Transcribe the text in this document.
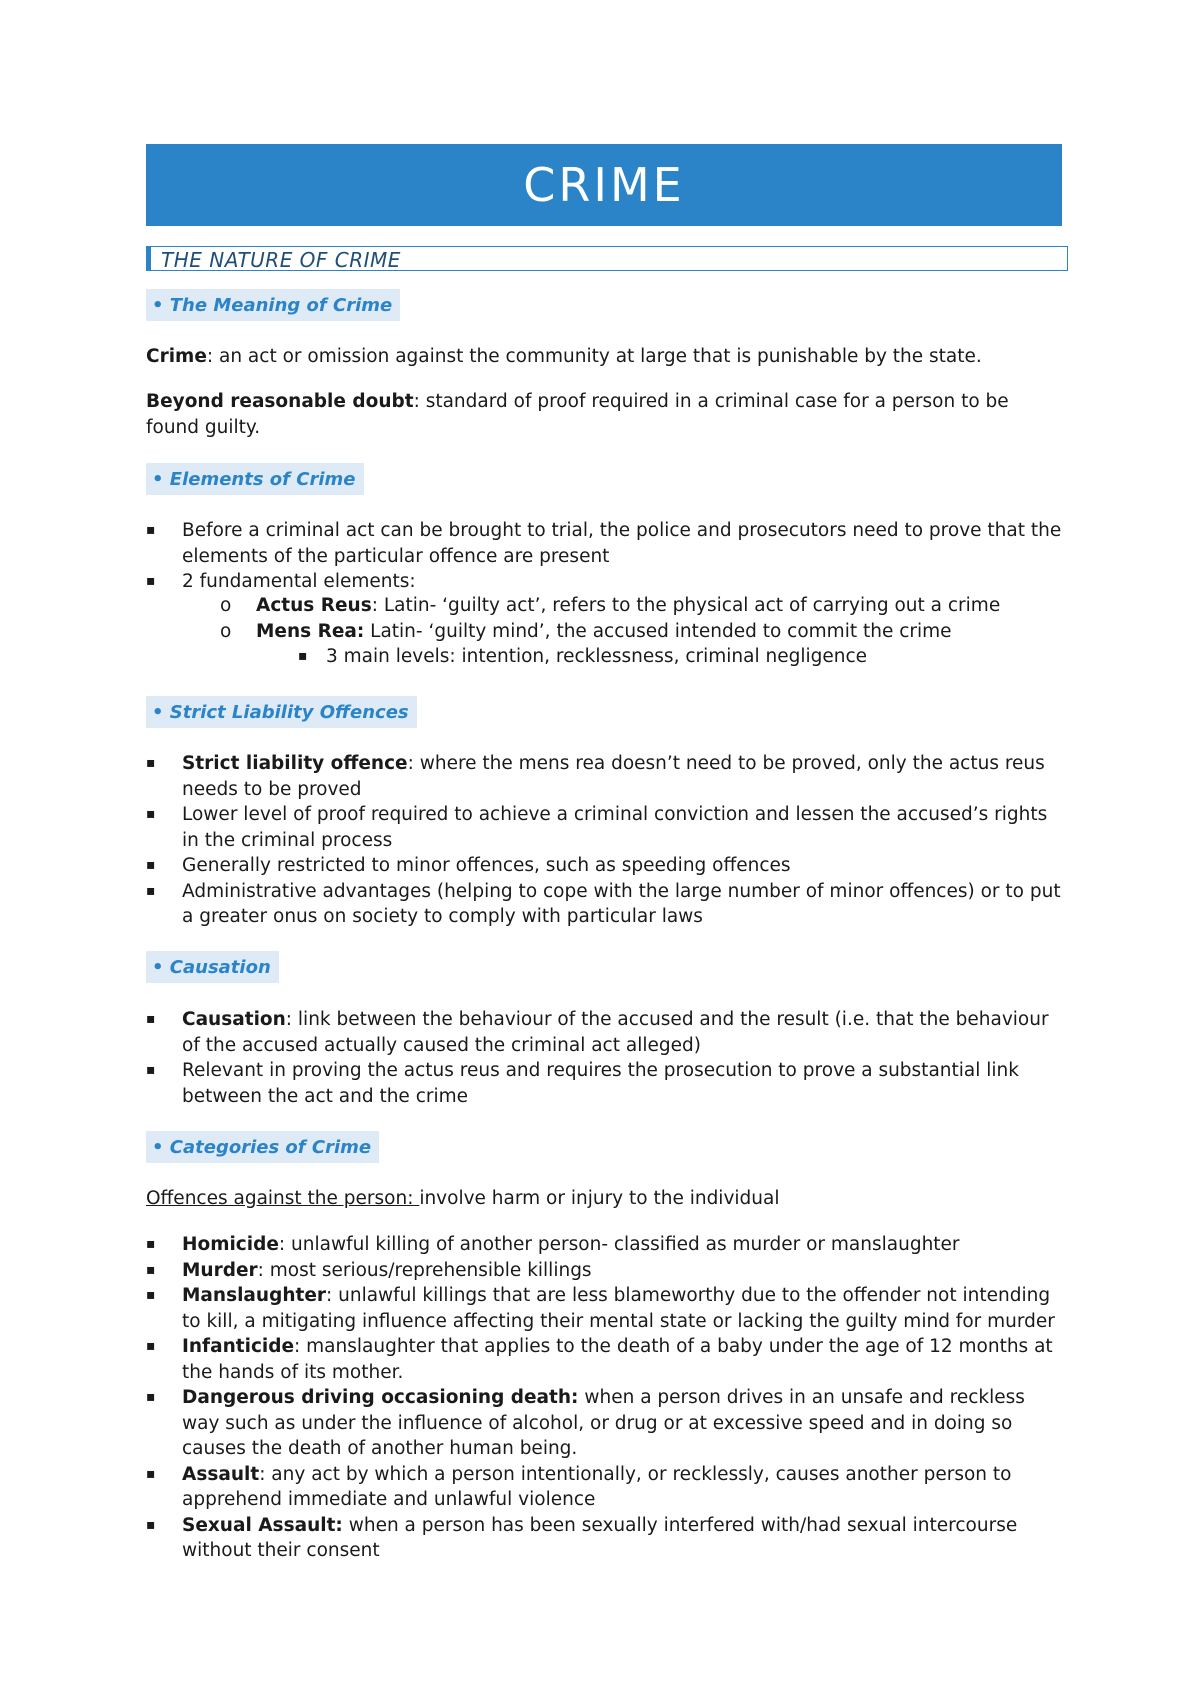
CRIME
THE NATURE OF CRIME
• The Meaning of Crime
Crime: an act or omission against the community at large that is punishable by the state.
Beyond reasonable doubt: standard of proof required in a criminal case for a person to be found guilty.
• Elements of Crime
▪ Before a criminal act can be brought to trial, the police and prosecutors need to prove that the elements of the particular offence are present
▪ 2 fundamental elements:
o Actus Reus: Latin- ‘guilty act’, refers to the physical act of carrying out a crime
o Mens Rea: Latin- ‘guilty mind’, the accused intended to commit the crime
▪ 3 main levels: intention, recklessness, criminal negligence
• Strict Liability Offences
▪ Strict liability offence: where the mens rea doesn’t need to be proved, only the actus reus needs to be proved
▪ Lower level of proof required to achieve a criminal conviction and lessen the accused’s rights in the criminal process
▪ Generally restricted to minor offences, such as speeding offences
▪ Administrative advantages (helping to cope with the large number of minor offences) or to put a greater onus on society to comply with particular laws
• Causation
▪ Causation: link between the behaviour of the accused and the result (i.e. that the behaviour of the accused actually caused the criminal act alleged)
▪ Relevant in proving the actus reus and requires the prosecution to prove a substantial link between the act and the crime
• Categories of Crime
Offences against the person: involve harm or injury to the individual
▪ Homicide: unlawful killing of another person- classified as murder or manslaughter
▪ Murder: most serious/reprehensible killings
▪ Manslaughter: unlawful killings that are less blameworthy due to the offender not intending to kill, a mitigating influence affecting their mental state or lacking the guilty mind for murder
▪ Infanticide: manslaughter that applies to the death of a baby under the age of 12 months at the hands of its mother.
▪ Dangerous driving occasioning death: when a person drives in an unsafe and reckless way such as under the influence of alcohol, or drug or at excessive speed and in doing so causes the death of another human being.
▪ Assault: any act by which a person intentionally, or recklessly, causes another person to apprehend immediate and unlawful violence
▪ Sexual Assault: when a person has been sexually interfered with/had sexual intercourse without their consent
